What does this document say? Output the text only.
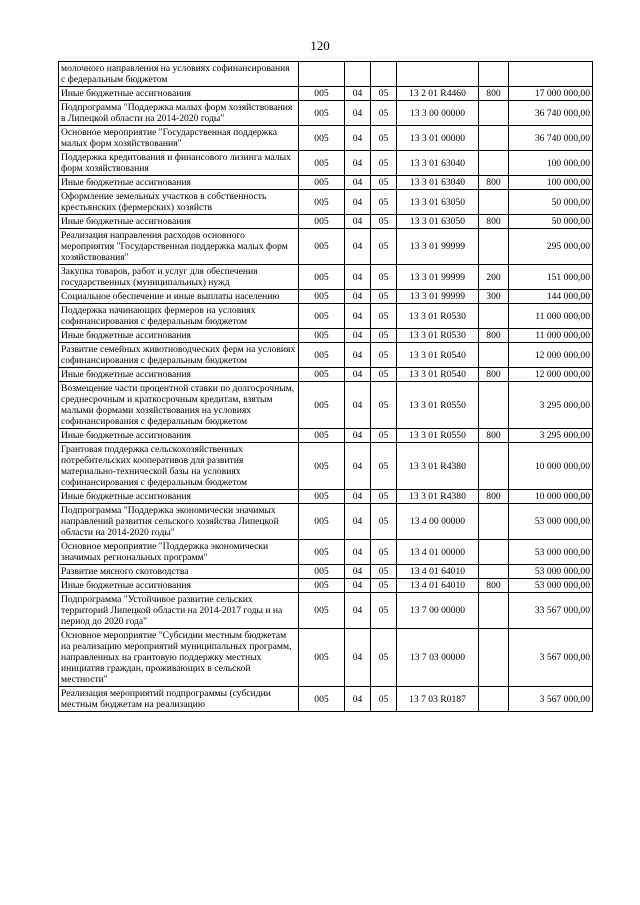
120
молочного направления на условиях софинансирования с федеральным бюджетом						
Иные бюджетные ассигнования	005	04	05	13 2 01 R4460	800	17 000 000,00
Подпрограмма "Поддержка малых форм хозяйствования в Липецкой области на 2014-2020 годы"	005	04	05	13 3 00 00000		36 740 000,00
Основное мероприятие "Государственная поддержка малых форм хозяйствования"	005	04	05	13 3 01 00000		36 740 000,00
Поддержка кредитования и финансового лизинга малых форм хозяйствования	005	04	05	13 3 01 63040		100 000,00
Иные бюджетные ассигнования	005	04	05	13 3 01 63040	800	100 000,00
Оформление земельных участков в собственность крестьянских (фермерских) хозяйств	005	04	05	13 3 01 63050		50 000,00
Иные бюджетные ассигнования	005	04	05	13 3 01 63050	800	50 000,00
Реализация направления расходов основного мероприятия "Государственная поддержка малых форм хозяйствования"	005	04	05	13 3 01 99999		295 000,00
Закупка товаров, работ и услуг для обеспечения государственных (муниципальных) нужд	005	04	05	13 3 01 99999	200	151 000,00
Социальное обеспечение и иные выплаты населению	005	04	05	13 3 01 99999	300	144 000,00
Поддержка начинающих фермеров на условиях софинансирования с федеральным бюджетом	005	04	05	13 3 01 R0530		11 000 000,00
Иные бюджетные ассигнования	005	04	05	13 3 01 R0530	800	11 000 000,00
Развитие семейных животноводческих ферм на условиях софинансирования с федеральным бюджетом	005	04	05	13 3 01 R0540		12 000 000,00
Иные бюджетные ассигнования	005	04	05	13 3 01 R0540	800	12 000 000,00
Возмещение части процентной ставки по долгосрочным, среднесрочным и краткосрочным кредитам, взятым малыми формами хозяйствования на условиях софинансирования с федеральным бюджетом	005	04	05	13 3 01 R0550		3 295 000,00
Иные бюджетные ассигнования	005	04	05	13 3 01 R0550	800	3 295 000,00
Грантовая поддержка сельскохозяйственных потребительских кооперативов для развития материально-технической базы на условиях софинансирования с федеральным бюджетом	005	04	05	13 3 01 R4380		10 000 000,00
Иные бюджетные ассигнования	005	04	05	13 3 01 R4380	800	10 000 000,00
Подпрограмма "Поддержка экономически значимых направлений развития сельского хозяйства Липецкой области на 2014-2020 годы"	005	04	05	13 4 00 00000		53 000 000,00
Основное мероприятие "Поддержка экономически значимых региональных программ"	005	04	05	13 4 01 00000		53 000 000,00
Развитие мясного скотоводства	005	04	05	13 4 01 64010		53 000 000,00
Иные бюджетные ассигнования	005	04	05	13 4 01 64010	800	53 000 000,00
Подпрограмма "Устойчивое развитие сельских территорий Липецкой области на 2014-2017 годы и на период до 2020 года"	005	04	05	13 7 00 00000		33 567 000,00
Основное мероприятие "Субсидии местным бюджетам на реализацию мероприятий муниципальных программ, направленных на грантовую поддержку местных инициатив граждан, проживающих в сельской местности"	005	04	05	13 7 03 00000		3 567 000,00
Реализация мероприятий подпрограммы (субсидии местным бюджетам на реализацию	005	04	05	13 7 03 R0187		3 567 000,00
